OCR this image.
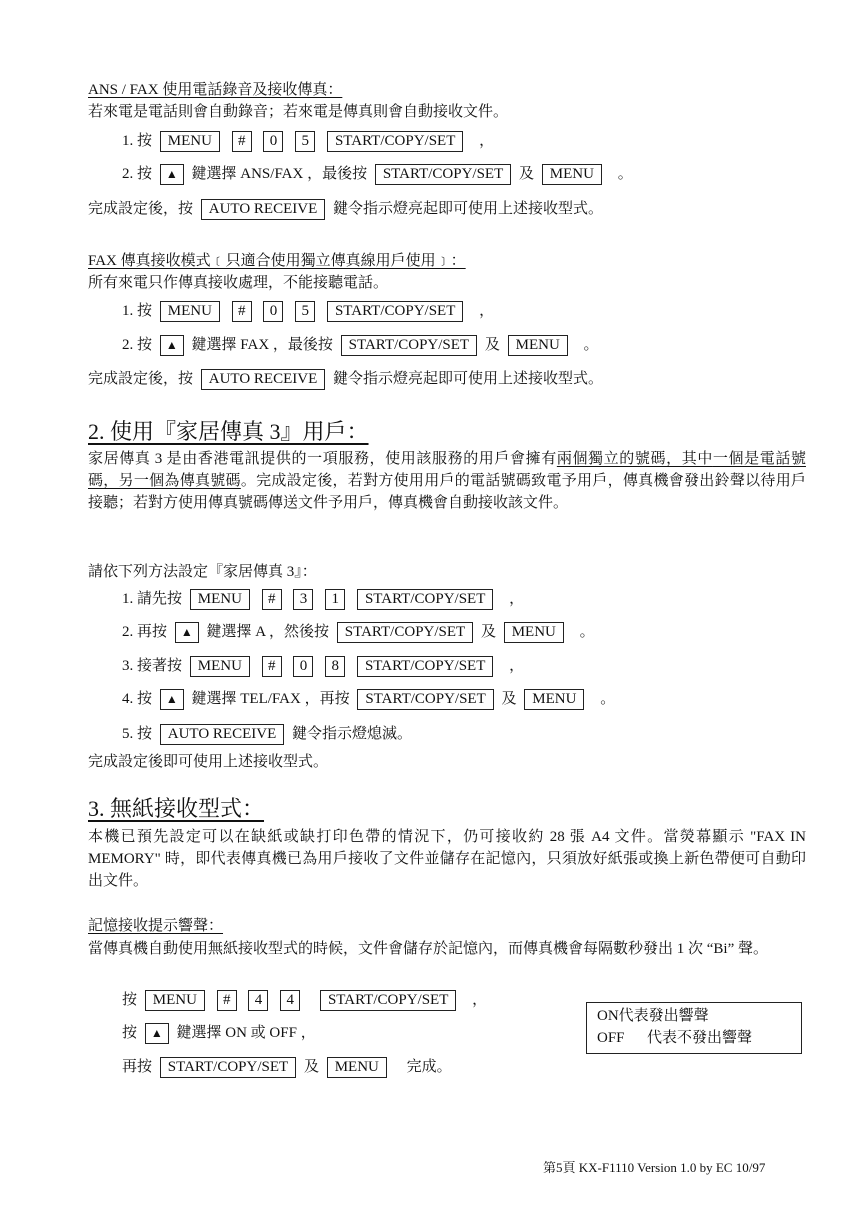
ANS / FAX 使用電話錄音及接收傳真：
若來電是電話則會自動錄音；若來電是傳真則會自動接收文件。
1. 按 MENU # 0 5 START/COPY/SET ，
2. 按 ▲ 鍵選擇 ANS/FAX ，最後按 START/COPY/SET 及 MENU 。
完成設定後，按 AUTO RECEIVE 鍵令指示燈亮起即可使用上述接收型式。
FAX 傳真接收模式﹝只適合使用獨立傳真線用戶使用﹞：
所有來電只作傳真接收處理，不能接聽電話。
1. 按 MENU # 0 5 START/COPY/SET ，
2. 按 ▲ 鍵選擇 FAX ，最後按 START/COPY/SET 及 MENU 。
完成設定後，按 AUTO RECEIVE 鍵令指示燈亮起即可使用上述接收型式。
2. 使用『家居傳真 3』用戶：
家居傳真 3 是由香港電訊提供的一項服務，使用該服務的用戶會擁有兩個獨立的號碼，其中一個是電話號碼，另一個為傳真號碼。完成設定後，若對方使用用戶的電話號碼致電予用戶，傳真機會發出鈴聲以待用戶接聽；若對方使用傳真號碼傳送文件予用戶，傳真機會自動接收該文件。
請依下列方法設定『家居傳真 3』：
1. 請先按 MENU # 3 1 START/COPY/SET ，
2. 再按 ▲ 鍵選擇 A ，然後按 START/COPY/SET 及 MENU 。
3. 接著按 MENU # 0 8 START/COPY/SET ，
4. 按 ▲ 鍵選擇 TEL/FAX ，再按 START/COPY/SET 及 MENU 。
5. 按 AUTO RECEIVE 鍵令指示燈熄滅。
完成設定後即可使用上述接收型式。
3. 無紙接收型式：
本機已預先設定可以在缺紙或缺打印色帶的情況下，仍可接收約 28 張 A4 文件。當熒幕顯示 "FAX IN MEMORY" 時，即代表傳真機已為用戶接收了文件並儲存在記憶內，只須放好紙張或換上新色帶便可自動印出文件。
記憶接收提示響聲：
當傳真機自動使用無紙接收型式的時候，文件會儲存於記憶內，而傳真機會每隔數秒發出 1 次 “Bi” 聲。
按 MENU # 4 4 START/COPY/SET ，
按 ▲ 鍵選擇 ON 或 OFF ，
再按 START/COPY/SET 及 MENU 完成。
ON代表發出響聲
OFF      代表不發出響聲
第5頁 KX-F1110 Version 1.0 by EC 10/97
